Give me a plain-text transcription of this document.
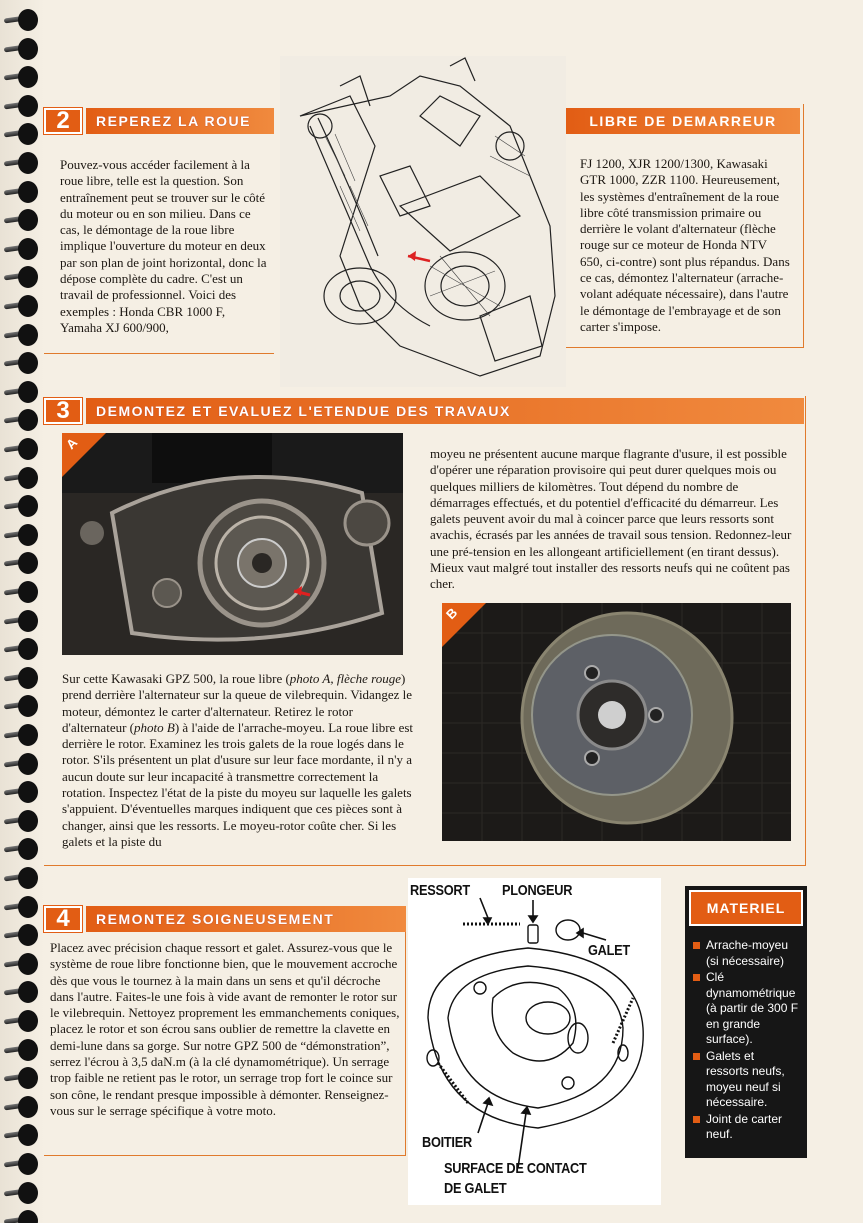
2	REPEREZ LA ROUE
Pouvez-vous accéder facilement à la roue libre, telle est la question. Son entraînement peut se trouver sur le côté du moteur ou en son milieu. Dans ce cas, le démontage de la roue libre implique l'ouverture du moteur en deux par son plan de joint horizontal, donc la dépose complète du cadre. C'est un travail de professionnel. Voici des exemples : Honda CBR 1000 F, Yamaha XJ 600/900,
LIBRE DE DEMARREUR
FJ 1200, XJR 1200/1300, Kawasaki GTR 1000, ZZR 1100. Heureusement, les systèmes d'entraînement de la roue libre côté transmission primaire ou derrière le volant d'alternateur (flèche rouge sur ce moteur de Honda NTV 650, ci-contre) sont plus répandus. Dans ce cas, démontez l'alternateur (arrache-volant adéquate nécessaire), dans l'autre le démontage de l'embrayage et de son carter s'impose.
3	DEMONTEZ ET EVALUEZ L'ETENDUE DES TRAVAUX
A
moyeu ne présentent aucune marque flagrante d'usure, il est possible d'opérer une réparation provisoire qui peut durer quelques mois ou quelques milliers de kilomètres. Tout dépend du nombre de démarrages effectués, et du potentiel d'efficacité du démarreur. Les galets peuvent avoir du mal à coincer parce que leurs ressorts sont avachis, écrasés par les années de travail sous tension. Redonnez-leur une pré-tension en les allongeant artificiellement (en tirant dessus). Mieux vaut malgré tout installer des ressorts neufs qui ne coûtent pas cher.
B
Sur cette Kawasaki GPZ 500, la roue libre (photo A, flèche rouge) prend derrière l'alternateur sur la queue de vilebrequin. Vidangez le moteur, démontez le carter d'alternateur. Retirez le rotor d'alternateur (photo B) à l'aide de l'arrache-moyeu. La roue libre est derrière le rotor. Examinez les trois galets de la roue logés dans le rotor. S'ils présentent un plat d'usure sur leur face mordante, il n'y a aucun doute sur leur incapacité à transmettre correctement la rotation. Inspectez l'état de la piste du moyeu sur laquelle les galets s'appuient. D'éventuelles marques indiquent que ces pièces sont à changer, ainsi que les ressorts. Le moyeu-rotor coûte cher. Si les galets et la piste du
4	REMONTEZ SOIGNEUSEMENT
Placez avec précision chaque ressort et galet. Assurez-vous que le système de roue libre fonctionne bien, que le mouvement accroche dès que vous le tournez à la main dans un sens et qu'il décroche dans l'autre. Faites-le une fois à vide avant de remonter le rotor sur le vilebrequin. Nettoyez proprement les emmanchements coniques, placez le rotor et son écrou sans oublier de remettre la clavette en demi-lune dans sa gorge. Sur notre GPZ 500 de “démonstration”, serrez l'écrou à 3,5 daN.m (à la clé dynamométrique). Un serrage trop faible ne retient pas le rotor, un serrage trop fort le coince sur son cône, le rendant presque impossible à démonter. Renseignez-vous sur le serrage spécifique à votre moto.
RESSORT PLONGEUR
GALET
BOITIER
SURFACE DE CONTACT
DE GALET
MATERIEL
Arrache-moyeu (si nécessaire)
Clé dynamométrique (à partir de 300 F en grande surface).
Galets et ressorts neufs, moyeu neuf si nécessaire.
Joint de carter neuf.
